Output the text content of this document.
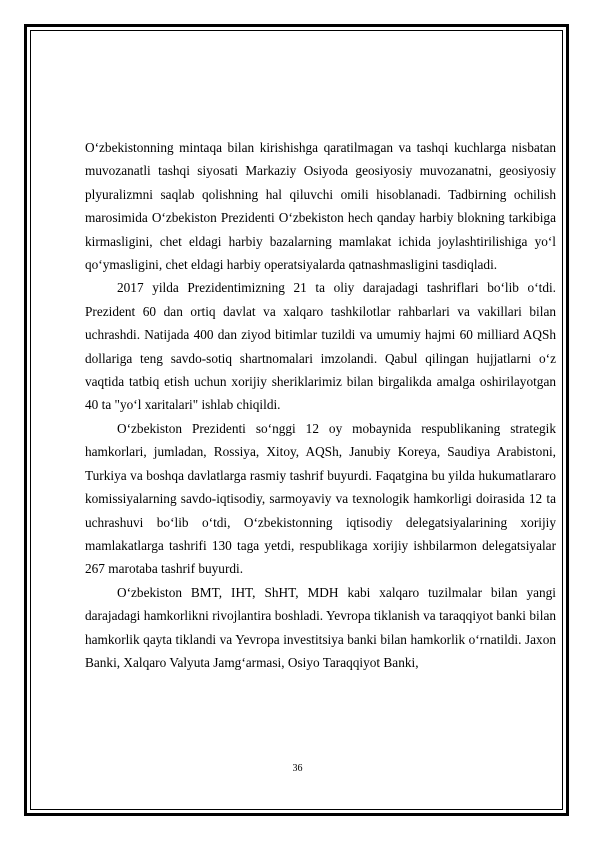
O‘zbekistonning mintaqa bilan kirishishga qaratilmagan va tashqi kuchlarga nisbatan muvozanatli tashqi siyosati Markaziy Osiyoda geosiyosiy muvozanatni, geosiyosiy plyuralizmni saqlab qolishning hal qiluvchi omili hisoblanadi. Tadbirning ochilish marosimida O‘zbekiston Prezidenti O‘zbekiston hech qanday harbiy blokning tarkibiga kirmasligini, chet eldagi harbiy bazalarning mamlakat ichida joylashtirilishiga yo‘l qo‘ymasligini, chet eldagi harbiy operatsiyalarda qatnashmasligini tasdiqladi.

2017 yilda Prezidentimizning 21 ta oliy darajadagi tashriflari bo‘lib o‘tdi. Prezident 60 dan ortiq davlat va xalqaro tashkilotlar rahbarlari va vakillari bilan uchrashdi. Natijada 400 dan ziyod bitimlar tuzildi va umumiy hajmi 60 milliard AQSh dollariga teng savdo-sotiq shartnomalari imzolandi. Qabul qilingan hujjatlarni o‘z vaqtida tatbiq etish uchun xorijiy sheriklarimiz bilan birgalikda amalga oshirilayotgan 40 ta "yo‘l xaritalari" ishlab chiqildi.

O‘zbekiston Prezidenti so‘nggi 12 oy mobaynida respublikaning strategik hamkorlari, jumladan, Rossiya, Xitoy, AQSh, Janubiy Koreya, Saudiya Arabistoni, Turkiya va boshqa davlatlarga rasmiy tashrif buyurdi. Faqatgina bu yilda hukumatlararo komissiyalarning savdo-iqtisodiy, sarmoyaviy va texnologik hamkorligi doirasida 12 ta uchrashuvi bo‘lib o‘tdi, O‘zbekistonning iqtisodiy delegatsiyalarining xorijiy mamlakatlarga tashrifi 130 taga yetdi, respublikaga xorijiy ishbilarmon delegatsiyalar 267 marotaba tashrif buyurdi.

O‘zbekiston BMT, IHT, ShHT, MDH kabi xalqaro tuzilmalar bilan yangi darajadagi hamkorlikni rivojlantira boshladi. Yevropa tiklanish va taraqqiyot banki bilan hamkorlik qayta tiklandi va Yevropa investitsiya banki bilan hamkorlik o‘rnatildi. Jaxon Banki, Xalqaro Valyuta Jamg‘armasi, Osiyo Taraqqiyot Banki,

36
